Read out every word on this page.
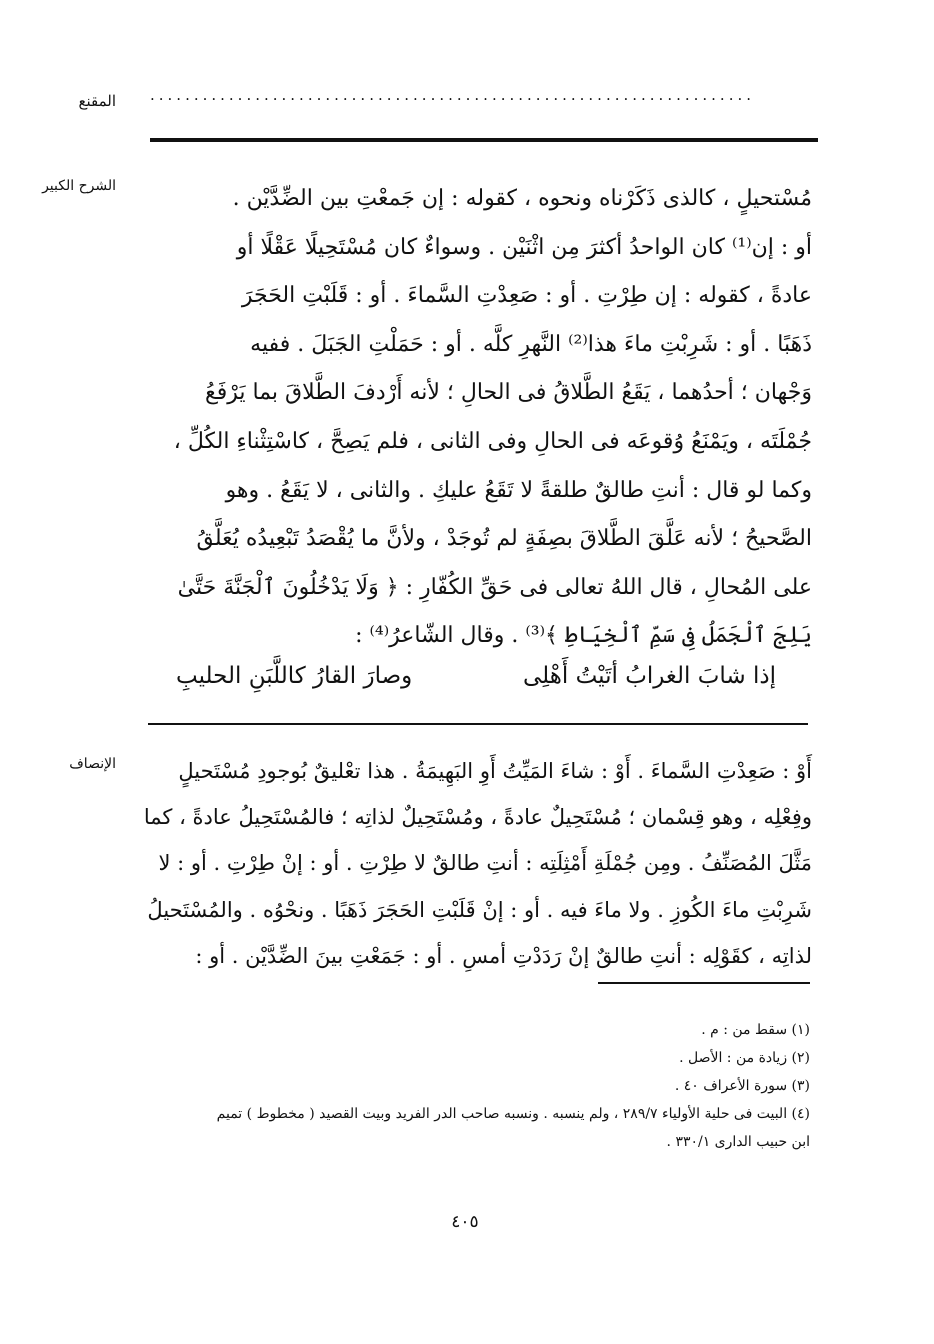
المقنع .....................................................................
الشرح الكبير
الإنصاف

مُسْتحيلٍ ، كالذى ذَكَرْناه ونحوه ، كقوله : إن جَمعْتِ بين الضِّدَّيْن .

أو : إن⁽¹⁾ كان الواحدُ أكثرَ مِن اثْنَيْن . وسواءٌ كان مُسْتَحِيلًا عَقْلًا أو

عادةً ، كقوله : إن طِرْتِ . أو : صَعِدْتِ السَّماءَ . أو : قَلَبْتِ الحَجَرَ

ذَهَبًا . أو : شَرِبْتِ ماءَ هذا⁽²⁾ النَّهرِ كلَّه . أو : حَمَلْتِ الجَبَلَ . ففيه

وَجْهان ؛ أحدُهما ، يَقَعُ الطَّلاقُ فى الحالِ ؛ لأنه أَرْدفَ الطَّلاقَ بما يَرْفَعُ

جُمْلَتَه ، ويَمْنَعُ وُقوعَه فى الحالِ وفى الثانى ، فلم يَصِحَّ ، كاسْتِثْناءِ الكُلِّ ،

وكما لو قال : أنتِ طالقٌ طلقةً لا تَقَعُ عليكِ . والثانى ، لا يَقَعُ . وهو

الصَّحيحُ ؛ لأنه عَلَّقَ الطَّلاقَ بصِفَةٍ لم تُوجَدْ ، ولأنَّ ما يُقْصَدُ تَبْعِيدُه يُعَلَّقُ

على المُحالِ ، قال اللهُ تعالى فى حَقِّ الكُفّارِ : ﴿ وَلَا يَدْخُلُونَ ٱلْجَنَّةَ حَتَّىٰ

يَلِجَ ٱلْجَمَلُ فِى سَمِّ ٱلْخِيَاطِ ﴾⁽³⁾ . وقال الشّاعرُ⁽⁴⁾ :

إذا شابَ الغرابُ أتَيْتُ أَهْلِى
وصارَ القارُ كاللَّبَنِ الحليبِ

أَوْ : صَعِدْتِ السَّماءَ . أَوْ : شاءَ المَيِّتُ أَوِ البَهِيمَةُ . هذا تعْليقٌ بُوجودِ مُسْتَحيلٍ

وفِعْلِه ، وهو قِسْمان ؛ مُسْتَحِيلٌ عادةً ، ومُسْتَحِيلٌ لذاتِه ؛ فالمُسْتَحِيلُ عادةً ، كما

مَثَّلَ المُصَنِّفُ . ومِن جُمْلَةِ أَمْثِلَتِه : أنتِ طالقٌ لا طِرْتِ . أو : إنْ طِرْتِ . أو : لا

شَرِبْتِ ماءَ الكُوزِ . ولا ماءَ فيه . أو : إنْ قَلَبْتِ الحَجَرَ ذَهَبًا . ونحْوُه . والمُسْتَحيلُ

لذاتِه ، كقَوْلِه : أنتِ طالقٌ إنْ رَدَدْتِ أمسِ . أو : جَمَعْتِ بينَ الضِّدَّيْن . أو :

(١) سقط من : م .

(٢) زيادة من : الأصل .

(٣) سورة الأعراف ٤٠ .

(٤) البيت فى حلية الأولياء ٢٨٩/٧ ، ولم ينسبه . ونسبه صاحب الدر الفريد وبيت القصيد ( مخطوط ) تميم

ابن حبيب الدارى ٣٣٠/١ .

٤٠٥
